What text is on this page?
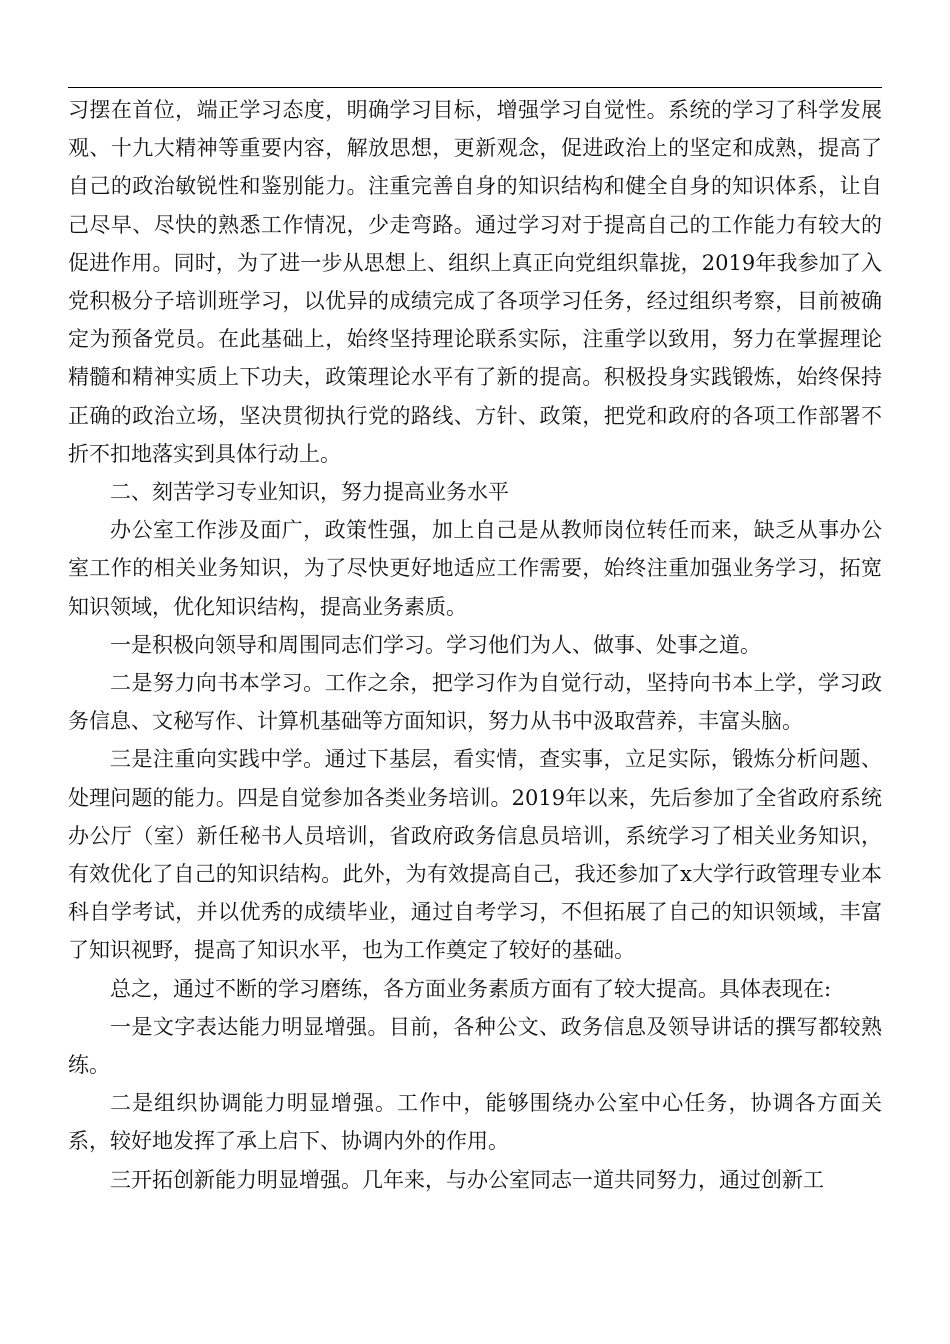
习摆在首位，端正学习态度，明确学习目标，增强学习自觉性。系统的学习了科学发展观、十九大精神等重要内容，解放思想，更新观念，促进政治上的坚定和成熟，提高了自己的政治敏锐性和鉴别能力。注重完善自身的知识结构和健全自身的知识体系，让自己尽早、尽快的熟悉工作情况，少走弯路。通过学习对于提高自己的工作能力有较大的促进作用。同时，为了进一步从思想上、组织上真正向党组织靠拢，2019年我参加了入党积极分子培训班学习，以优异的成绩完成了各项学习任务，经过组织考察，目前被确定为预备党员。在此基础上，始终坚持理论联系实际，注重学以致用，努力在掌握理论精髓和精神实质上下功夫，政策理论水平有了新的提高。积极投身实践锻炼，始终保持正确的政治立场，坚决贯彻执行党的路线、方针、政策，把党和政府的各项工作部署不折不扣地落实到具体行动上。

二、刻苦学习专业知识，努力提高业务水平

办公室工作涉及面广，政策性强，加上自己是从教师岗位转任而来，缺乏从事办公室工作的相关业务知识，为了尽快更好地适应工作需要，始终注重加强业务学习，拓宽知识领域，优化知识结构，提高业务素质。

一是积极向领导和周围同志们学习。学习他们为人、做事、处事之道。

二是努力向书本学习。工作之余，把学习作为自觉行动，坚持向书本上学，学习政务信息、文秘写作、计算机基础等方面知识，努力从书中汲取营养，丰富头脑。

三是注重向实践中学。通过下基层，看实情，查实事，立足实际，锻炼分析问题、处理问题的能力。四是自觉参加各类业务培训。2019年以来，先后参加了全省政府系统办公厅（室）新任秘书人员培训，省政府政务信息员培训，系统学习了相关业务知识，有效优化了自己的知识结构。此外，为有效提高自己，我还参加了x大学行政管理专业本科自学考试，并以优秀的成绩毕业，通过自考学习，不但拓展了自己的知识领域，丰富了知识视野，提高了知识水平，也为工作奠定了较好的基础。

总之，通过不断的学习磨练，各方面业务素质方面有了较大提高。具体表现在:

一是文字表达能力明显增强。目前，各种公文、政务信息及领导讲话的撰写都较熟练。

二是组织协调能力明显增强。工作中，能够围绕办公室中心任务，协调各方面关系，较好地发挥了承上启下、协调内外的作用。

三开拓创新能力明显增强。几年来，与办公室同志一道共同努力，通过创新工
